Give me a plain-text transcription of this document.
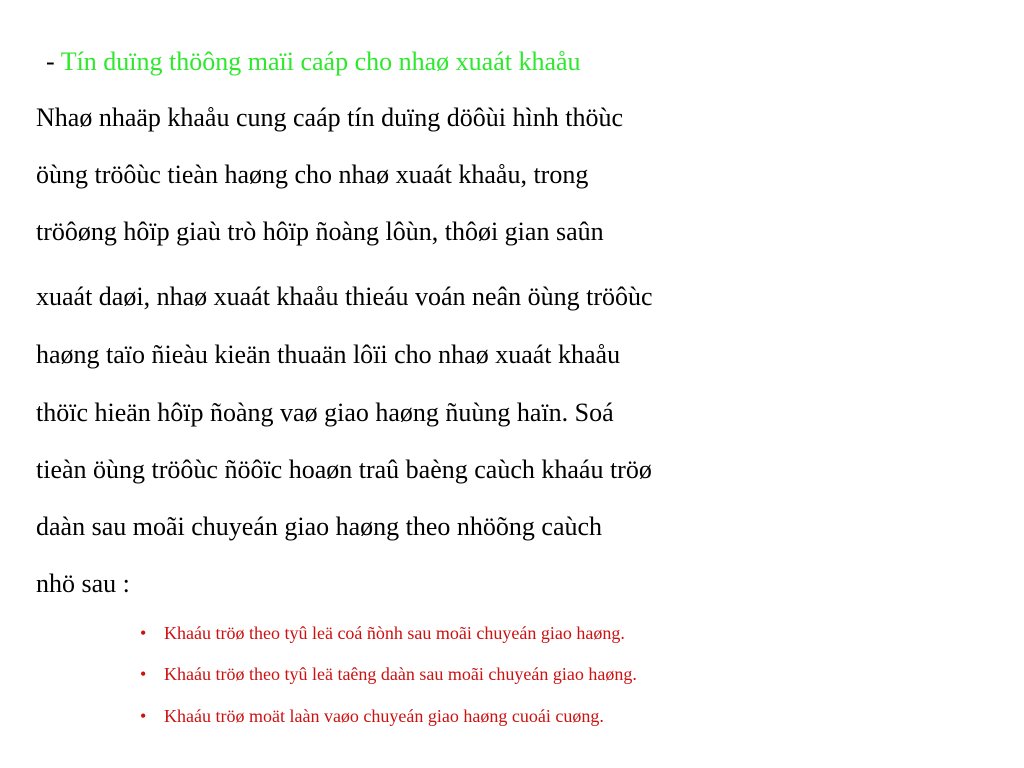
- Tín duïng thöông maïi caáp cho nhaø xuaát khaåu
Nhaø nhaäp khaåu cung caáp tín duïng döôùi hình thöùc
öùng tröôùc tieàn haøng cho nhaø xuaát khaåu, trong
tröôøng hôïp giaù trò hôïp ñoàng lôùn, thôøi gian saûn
xuaát daøi, nhaø xuaát khaåu thieáu voán neân öùng tröôùc
haøng taïo ñieàu kieän thuaän lôïi cho nhaø xuaát khaåu
thöïc hieän hôïp ñoàng vaø giao haøng ñuùng haïn. Soá
tieàn öùng tröôùc ñöôïc hoaøn traû baèng caùch khaáu tröø
daàn sau moãi chuyeán giao haøng theo nhöõng caùch
nhö sau :
• Khaáu tröø theo tyû leä coá ñònh sau moãi chuyeán giao haøng.
• Khaáu tröø theo tyû leä taêng daàn sau moãi chuyeán giao haøng.
• Khaáu tröø moät laàn vaøo chuyeán giao haøng cuoái cuøng.
